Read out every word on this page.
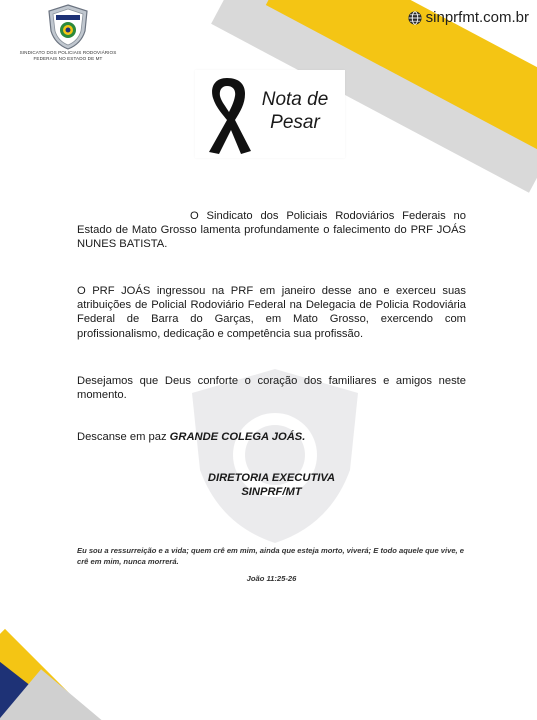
SINDICATO DOS POLICIAIS RODOVIÁRIOS
FEDERAIS NO ESTADO DE MT
sinprfmt.com.br
Nota de
Pesar
O Sindicato dos Policiais Rodoviários Federais no Estado de Mato Grosso lamenta profundamente o falecimento do PRF JOÁS NUNES BATISTA.
O PRF JOÁS ingressou na PRF em janeiro desse ano e exerceu suas atribuições de Policial Rodoviário Federal na Delegacia de Policia Rodoviária Federal de Barra do Garças, em Mato Grosso, exercendo com profissionalismo, dedicação e competência sua profissão.
Desejamos que Deus conforte o coração dos familiares e amigos neste momento.
Descanse em paz GRANDE COLEGA JOÁS.
DIRETORIA EXECUTIVA
SINPRF/MT
Eu sou a ressurreição e a vida; quem crê em mim, ainda que esteja morto, viverá; E todo aquele que vive, e crê em mim, nunca morrerá.
João 11:25-26
